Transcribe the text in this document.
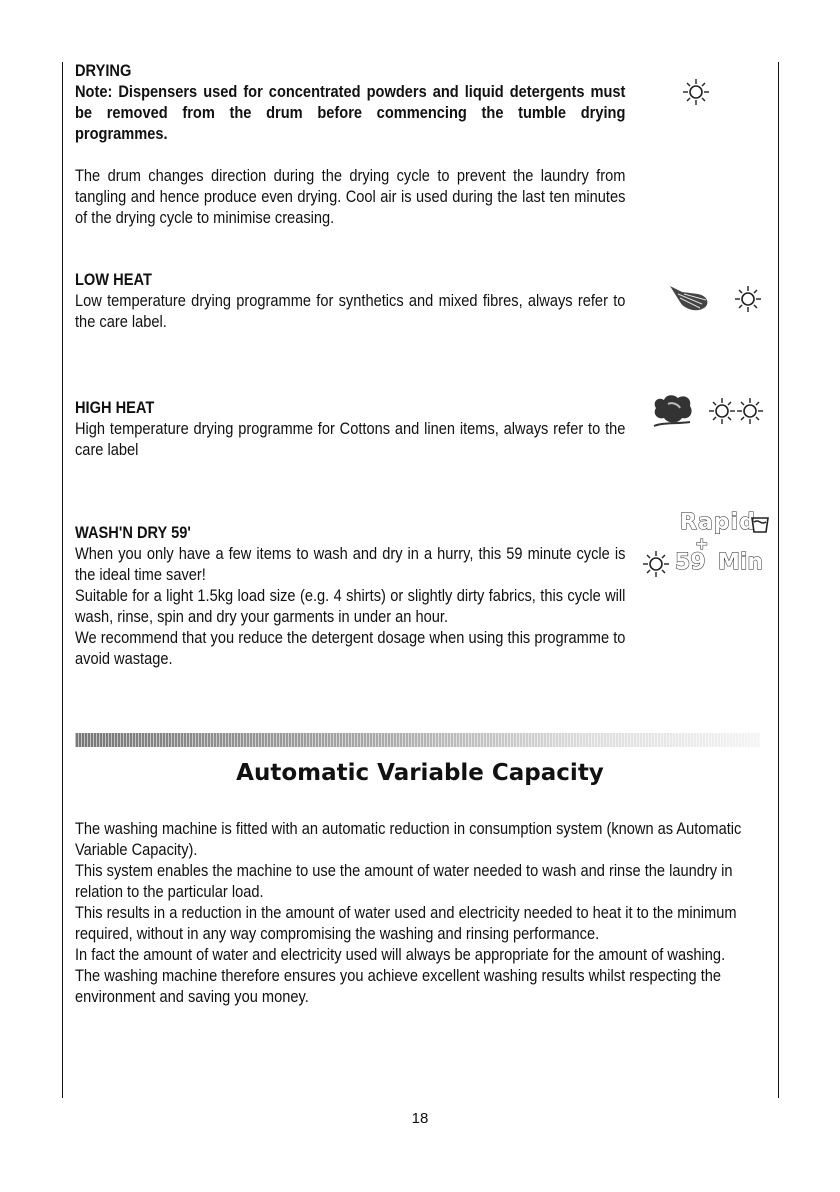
DRYING

Note: Dispensers used for concentrated powders and liquid detergents must be removed from the drum before commencing the tumble drying programmes.

The drum changes direction during the drying cycle to prevent the laundry from tangling and hence produce even drying. Cool air is used during the last ten minutes of the drying cycle to minimise creasing.

LOW HEAT

Low temperature drying programme for synthetics and mixed fibres, always refer to the care label.

HIGH HEAT

High temperature drying programme for Cottons and linen items, always refer to the care label

WASH'N DRY 59'

When you only have a few items to wash and dry in a hurry, this 59 minute cycle is the ideal time saver!

Suitable for a light 1.5kg load size (e.g. 4 shirts) or slightly dirty fabrics, this cycle will wash, rinse, spin and dry your garments in under an hour.

We recommend that you reduce the detergent dosage when using this programme to avoid wastage.

Rapid
+
59 Min
Automatic Variable Capacity

The washing machine is fitted with an automatic reduction in consumption system (known as Automatic Variable Capacity).

This system enables the machine to use the amount of water needed to wash and rinse the laundry in relation to the particular load.

This results in a reduction in the amount of water used and electricity needed to heat it to the minimum required, without in any way compromising the washing and rinsing performance.

In fact the amount of water and electricity used will always be appropriate for the amount of washing.

The washing machine therefore ensures you achieve excellent washing results whilst respecting the environment and saving you money.

18
